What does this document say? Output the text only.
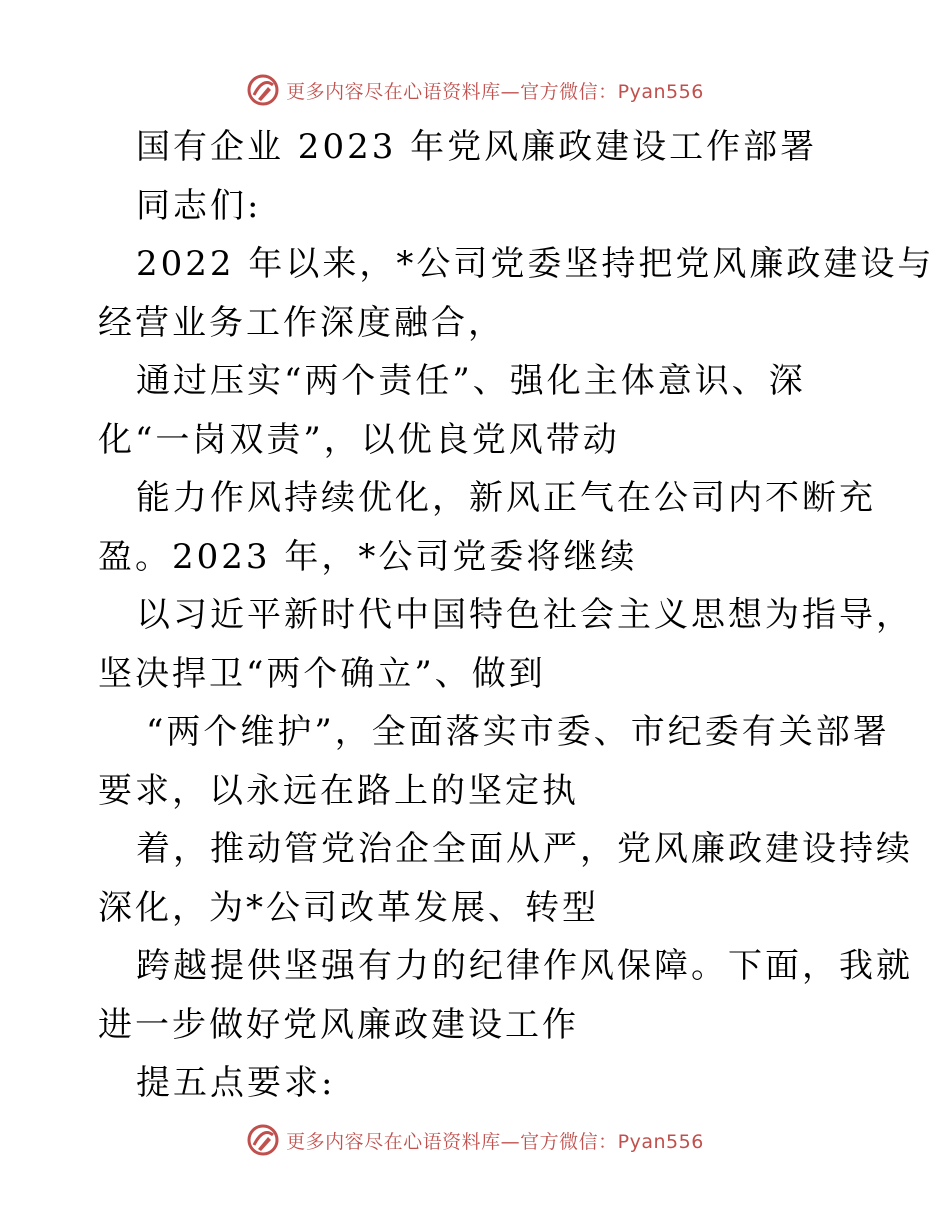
更多内容尽在心语资料库—官方微信：Pyan556
国有企业 2023 年党风廉政建设工作部署
同志们:
2022 年以来，*公司党委坚持把党风廉政建设与
经营业务工作深度融合，
通过压实“两个责任”、强化主体意识、深
化“一岗双责”，以优良党风带动
能力作风持续优化，新风正气在公司内不断充
盈。2023 年，*公司党委将继续
以习近平新时代中国特色社会主义思想为指导，
坚决捍卫“两个确立”、做到
“两个维护”，全面落实市委、市纪委有关部署
要求，以永远在路上的坚定执
着，推动管党治企全面从严，党风廉政建设持续
深化，为*公司改革发展、转型
跨越提供坚强有力的纪律作风保障。下面，我就
进一步做好党风廉政建设工作
提五点要求:
更多内容尽在心语资料库—官方微信：Pyan556
